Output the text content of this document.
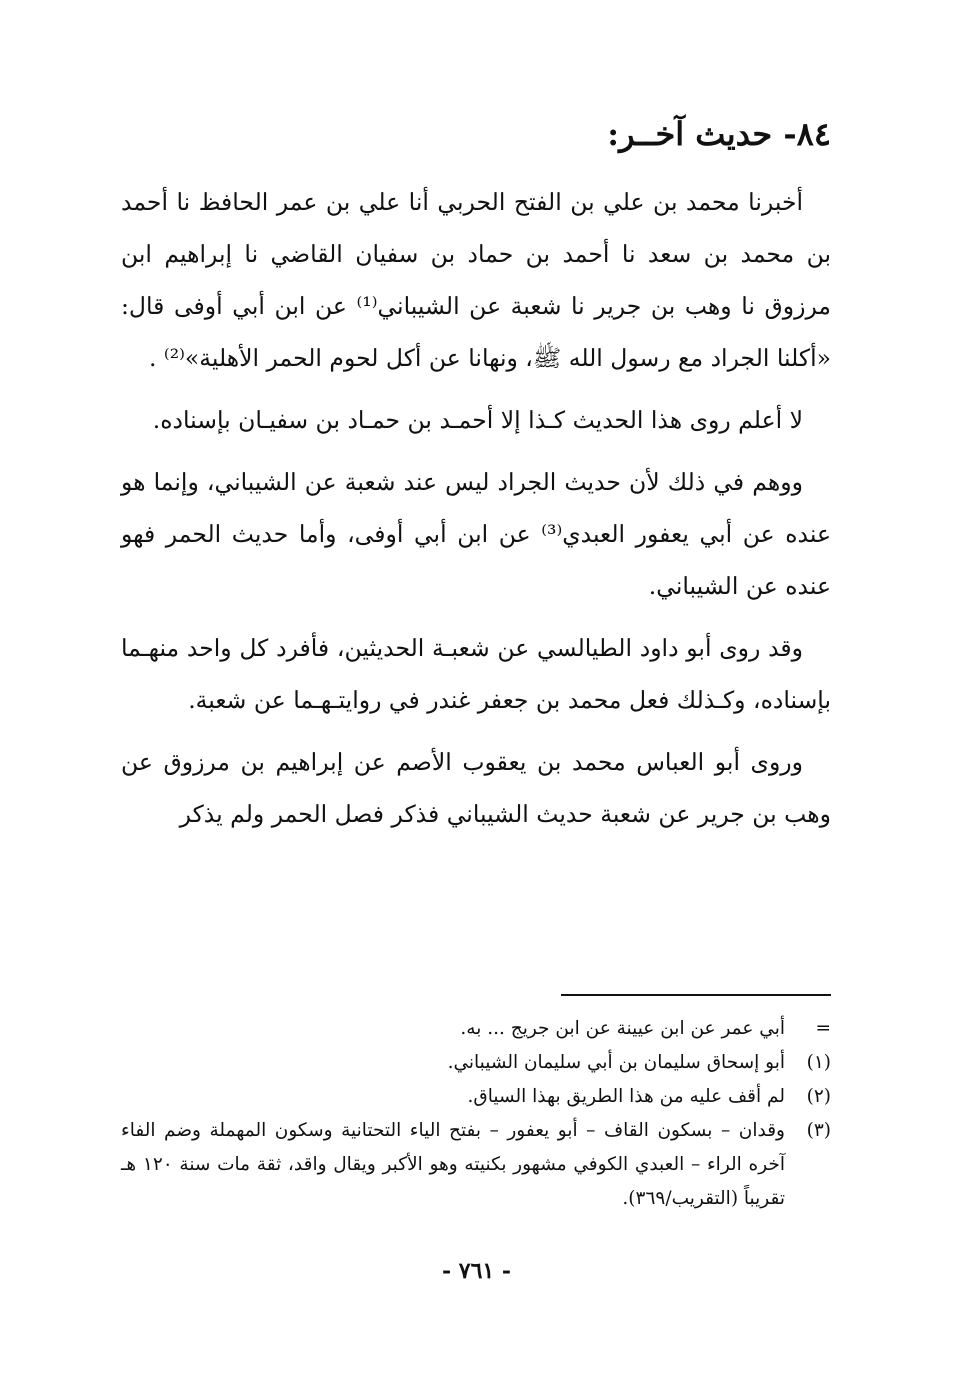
٨٤- حديث آخــر:

أخبرنا محمد بن علي بن الفتح الحربي أنا علي بن عمر الحافظ نا أحمد بن محمد بن سعد نا أحمد بن حماد بن سفيان القاضي نا إبراهيم ابن مرزوق نا وهب بن جرير نا شعبة عن الشيباني⁽¹⁾ عن ابن أبي أوفى قال: «أكلنا الجراد مع رسول الله ﷺ، ونهانا عن أكل لحوم الحمر الأهلية»⁽²⁾ .

لا أعلم روى هذا الحديث كـذا إلا أحمـد بن حمـاد بن سفيـان بإسناده.

ووهم في ذلك لأن حديث الجراد ليس عند شعبة عن الشيباني، وإنما هو عنده عن أبي يعفور العبدي⁽³⁾ عن ابن أبي أوفى، وأما حديث الحمر فهو عنده عن الشيباني.

وقد روى أبو داود الطيالسي عن شعبـة الحديثين، فأفرد كل واحد منهـما بإسناده، وكـذلك فعل محمد بن جعفر غندر في روايتـهـما عن شعبة.

وروى أبو العباس محمد بن يعقوب الأصم عن إبراهيم بن مرزوق عن وهب بن جرير عن شعبة حديث الشيباني فذكر فصل الحمر ولم يذكر

=
أبي عمر عن ابن عيينة عن ابن جريج ... به.
(١)
أبو إسحاق سليمان بن أبي سليمان الشيباني.
(٢)
لم أقف عليه من هذا الطريق بهذا السياق.
(٣)
وقدان – بسكون القاف – أبو يعفور – بفتح الياء التحتانية وسكون المهملة وضم الفاء آخره الراء – العبدي الكوفي مشهور بكنيته وهو الأكبر ويقال واقد، ثقة مات سنة ١٢٠ هـ تقريباً (التقريب/٣٦٩).
- ٧٦١ -
